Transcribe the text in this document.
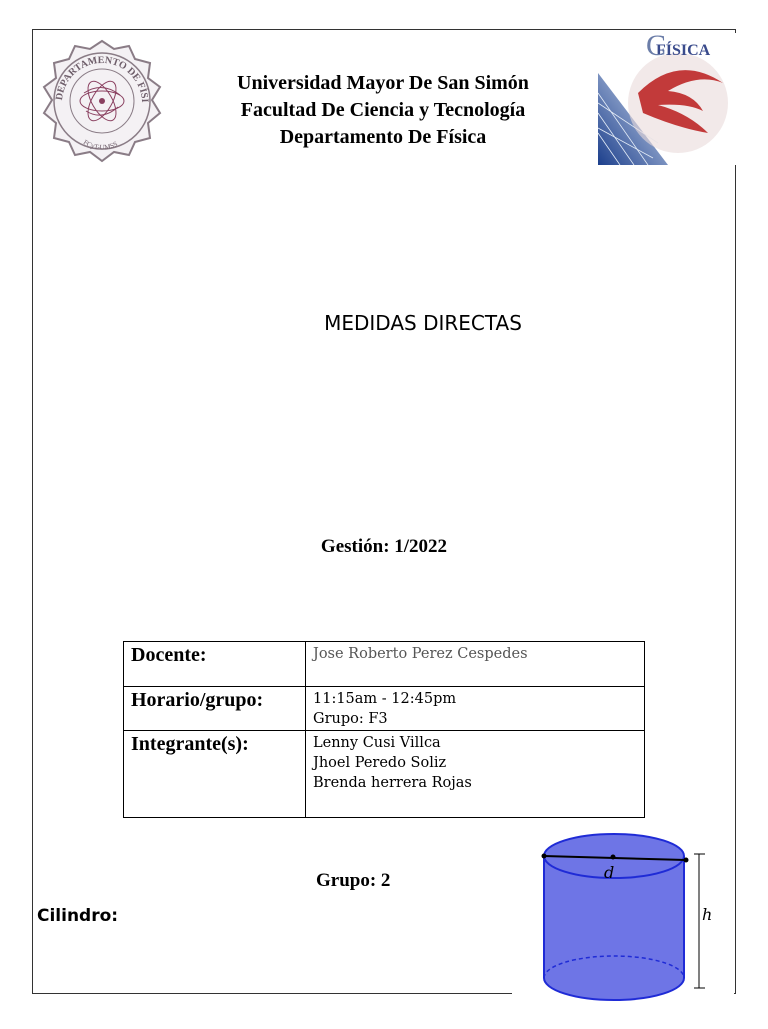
DEPARTAMENTO DE FÍSI
FCyT-UMSS
Universidad Mayor De San Simón
Facultad De Ciencia y Tecnología
Departamento De Física
FÍSICA
C
MEDIDAS DIRECTAS
Gestión: 1/2022
Docente:	Jose Roberto Perez Cespedes
Horario/grupo:	11:15am - 12:45pm
Grupo: F3

Integrante(s):	Lenny Cusi Villca
Jhoel Peredo Soliz
Brenda herrera Rojas
Grupo: 2
Cilindro:
d
h
